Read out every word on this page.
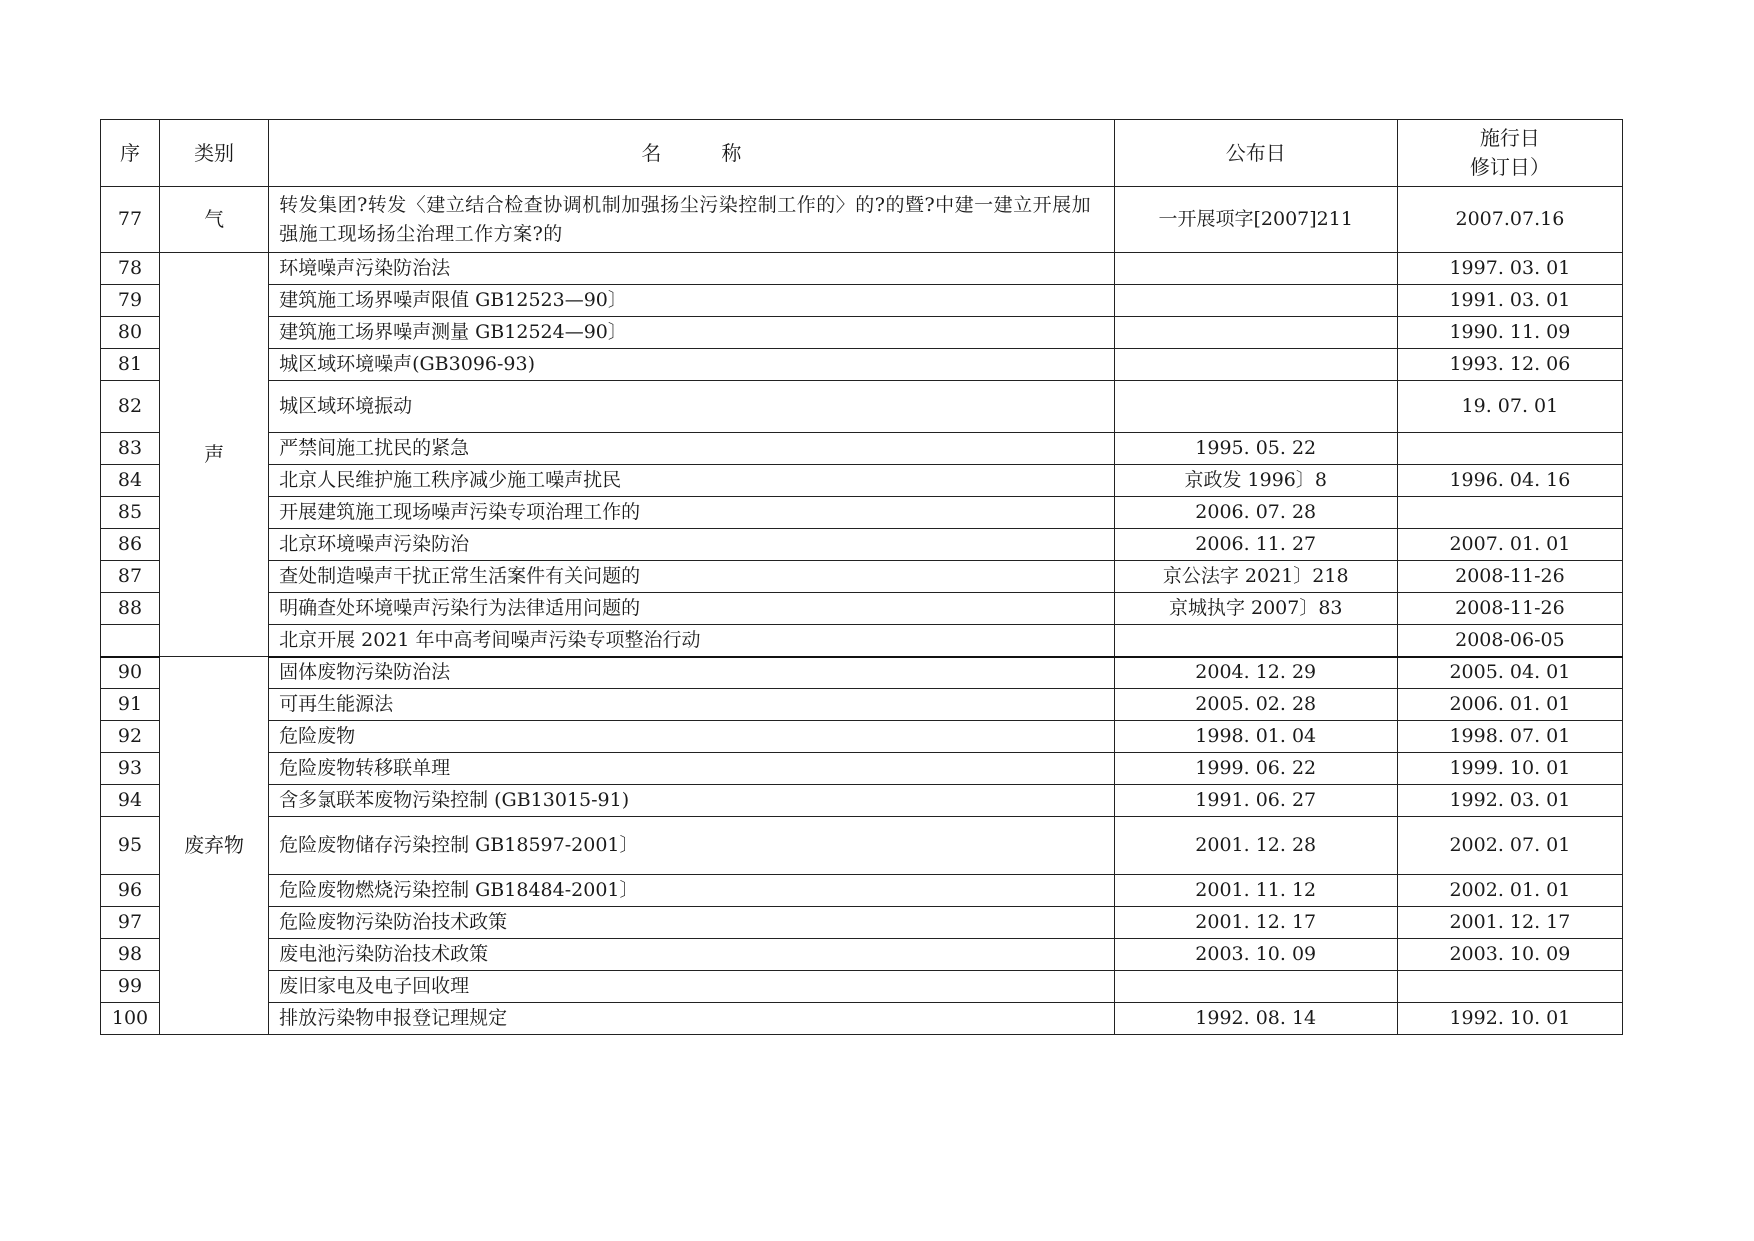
序	类别	名 称	公布日	施行日
修订日）

77	气	转发集团?转发〈建立结合检查协调机制加强扬尘污染控制工作的〉的?的暨?中建一建立开展加强施工现场扬尘治理工作方案?的	一开展项字[2007]211	2007.07.16
78	声	环境噪声污染防治法		1997. 03. 01
79		建筑施工场界噪声限值 GB12523—90〕		1991. 03. 01
80		建筑施工场界噪声测量 GB12524—90〕		1990. 11. 09
81		城区域环境噪声(GB3096-93)		1993. 12. 06
82		城区域环境振动		19. 07. 01
83		严禁间施工扰民的紧急	1995. 05. 22	
84		北京人民维护施工秩序减少施工噪声扰民	京政发 1996〕8	1996. 04. 16
85		开展建筑施工现场噪声污染专项治理工作的	2006. 07. 28	
86		北京环境噪声污染防治	2006. 11. 27	2007. 01. 01
87		查处制造噪声干扰正常生活案件有关问题的	京公法字 2021〕218	2008-11-26
88		明确查处环境噪声污染行为法律适用问题的	京城执字 2007〕83	2008-11-26
		北京开展 2021 年中高考间噪声污染专项整治行动		2008-06-05
90	废弃物	固体废物污染防治法	2004. 12. 29	2005. 04. 01
91		可再生能源法	2005. 02. 28	2006. 01. 01
92		危险废物	1998. 01. 04	1998. 07. 01
93		危险废物转移联单理	1999. 06. 22	1999. 10. 01
94		含多氯联苯废物污染控制 (GB13015-91)	1991. 06. 27	1992. 03. 01
95		危险废物储存污染控制 GB18597-2001〕	2001. 12. 28	2002. 07. 01
96		危险废物燃烧污染控制 GB18484-2001〕	2001. 11. 12	2002. 01. 01
97		危险废物污染防治技术政策	2001. 12. 17	2001. 12. 17
98		废电池污染防治技术政策	2003. 10. 09	2003. 10. 09
99		废旧家电及电子回收理		
100		排放污染物申报登记理规定	1992. 08. 14	1992. 10. 01
